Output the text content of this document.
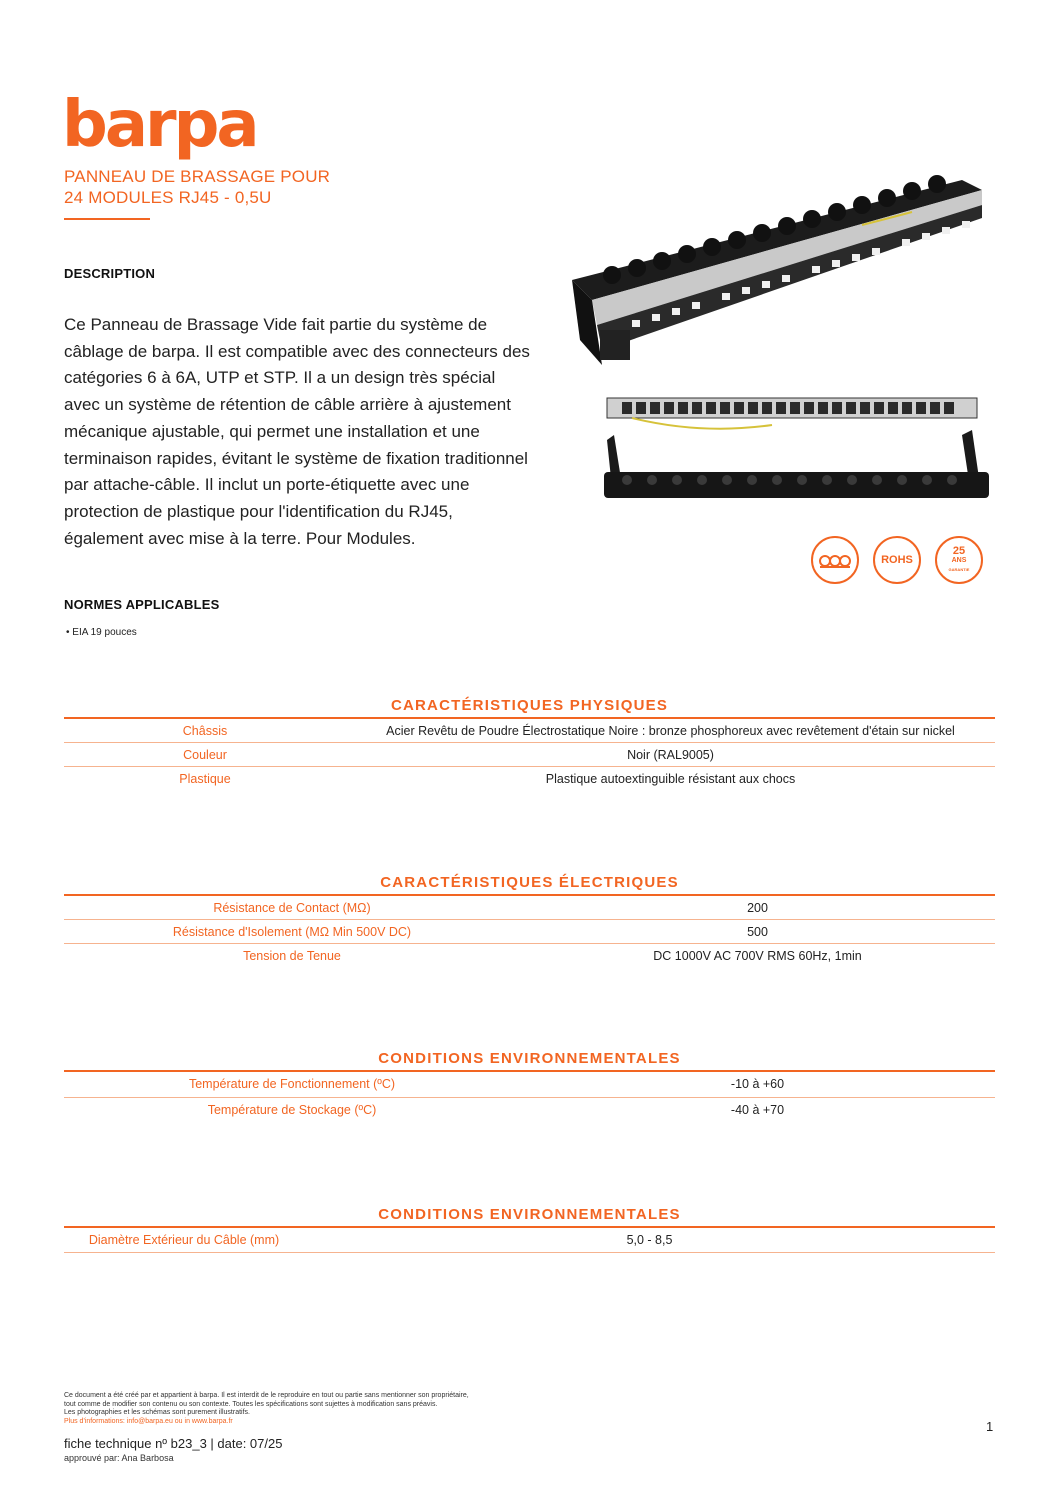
barpa
PANNEAU DE BRASSAGE POUR
24 MODULES RJ45 - 0,5U
DESCRIPTION
Ce Panneau de Brassage Vide fait partie du système de câblage de barpa. Il est compatible avec des connecteurs des catégories 6 à 6A, UTP et STP. Il a un design très spécial avec un système de rétention de câble arrière à ajustement mécanique ajustable, qui permet une installation et une terminaison rapides, évitant le système de fixation traditionnel par attache-câble. Il inclut un porte-étiquette avec une protection de plastique pour l'identification du RJ45, également avec mise à la terre. Pour Modules.
NORMES APPLICABLES
• EIA 19 pouces
ROHS
25
ANS
GARANTIE
CARACTÉRISTIQUES PHYSIQUES
Châssis	Acier Revêtu de Poudre Électrostatique Noire : bronze phosphoreux avec revêtement d'étain sur nickel
Couleur	Noir (RAL9005)
Plastique	Plastique autoextinguible résistant aux chocs
CARACTÉRISTIQUES ÉLECTRIQUES
Résistance de Contact (MΩ)	200
Résistance d'Isolement (MΩ Min 500V DC)	500
Tension de Tenue	DC 1000V AC 700V RMS 60Hz, 1min
CONDITIONS ENVIRONNEMENTALES
Température de Fonctionnement (ºC)	-10 à +60
Température de Stockage (ºC)	-40 à +70
CONDITIONS ENVIRONNEMENTALES
Diamètre Extérieur du Câble (mm)	5,0 - 8,5
Ce document a été créé par et appartient à barpa. Il est interdit de le reproduire en tout ou partie sans mentionner son propriétaire,
tout comme de modifier son contenu ou son contexte. Toutes les spécifications sont sujettes à modification sans préavis.
Les photographies et les schémas sont purement illustratifs.
Plus d'informations: info@barpa.eu ou in www.barpa.fr
fiche technique nº b23_3 | date: 07/25
approuvé par: Ana Barbosa
1
